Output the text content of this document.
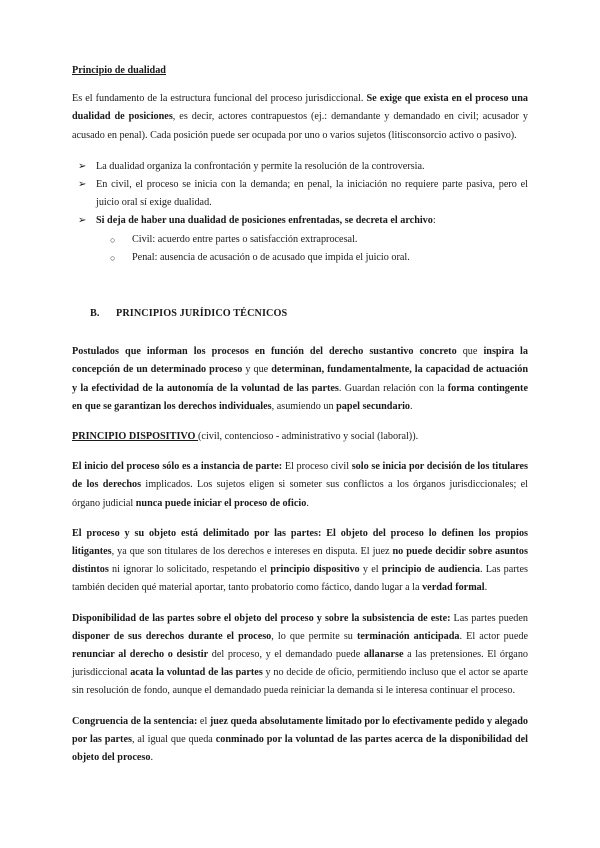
Principio de dualidad

Es el fundamento de la estructura funcional del proceso jurisdiccional. Se exige que exista en el proceso una dualidad de posiciones, es decir, actores contrapuestos (ej.: demandante y demandado en civil; acusador y acusado en penal). Cada posición puede ser ocupada por uno o varios sujetos (litisconsorcio activo o pasivo).

➢ La dualidad organiza la confrontación y permite la resolución de la controversia.
➢ En civil, el proceso se inicia con la demanda; en penal, la iniciación no requiere parte pasiva, pero el juicio oral sí exige dualidad.
➢ Si deja de haber una dualidad de posiciones enfrentadas, se decreta el archivo:
○ Civil: acuerdo entre partes o satisfacción extraprocesal.
○ Penal: ausencia de acusación o de acusado que impida el juicio oral.

B. PRINCIPIOS JURÍDICO TÉCNICOS

Postulados que informan los procesos en función del derecho sustantivo concreto que inspira la concepción de un determinado proceso y que determinan, fundamentalmente, la capacidad de actuación y la efectividad de la autonomía de la voluntad de las partes. Guardan relación con la forma contingente en que se garantizan los derechos individuales, asumiendo un papel secundario.

PRINCIPIO DISPOSITIVO (civil, contencioso - administrativo y social (laboral)).

El inicio del proceso sólo es a instancia de parte: El proceso civil solo se inicia por decisión de los titulares de los derechos implicados. Los sujetos eligen si someter sus conflictos a los órganos jurisdiccionales; el órgano judicial nunca puede iniciar el proceso de oficio.

El proceso y su objeto está delimitado por las partes: El objeto del proceso lo definen los propios litigantes, ya que son titulares de los derechos e intereses en disputa. El juez no puede decidir sobre asuntos distintos ni ignorar lo solicitado, respetando el principio dispositivo y el principio de audiencia. Las partes también deciden qué material aportar, tanto probatorio como fáctico, dando lugar a la verdad formal.

Disponibilidad de las partes sobre el objeto del proceso y sobre la subsistencia de este: Las partes pueden disponer de sus derechos durante el proceso, lo que permite su terminación anticipada. El actor puede renunciar al derecho o desistir del proceso, y el demandado puede allanarse a las pretensiones. El órgano jurisdiccional acata la voluntad de las partes y no decide de oficio, permitiendo incluso que el actor se aparte sin resolución de fondo, aunque el demandado pueda reiniciar la demanda si le interesa continuar el proceso.

Congruencia de la sentencia: el juez queda absolutamente limitado por lo efectivamente pedido y alegado por las partes, al igual que queda conminado por la voluntad de las partes acerca de la disponibilidad del objeto del proceso.
